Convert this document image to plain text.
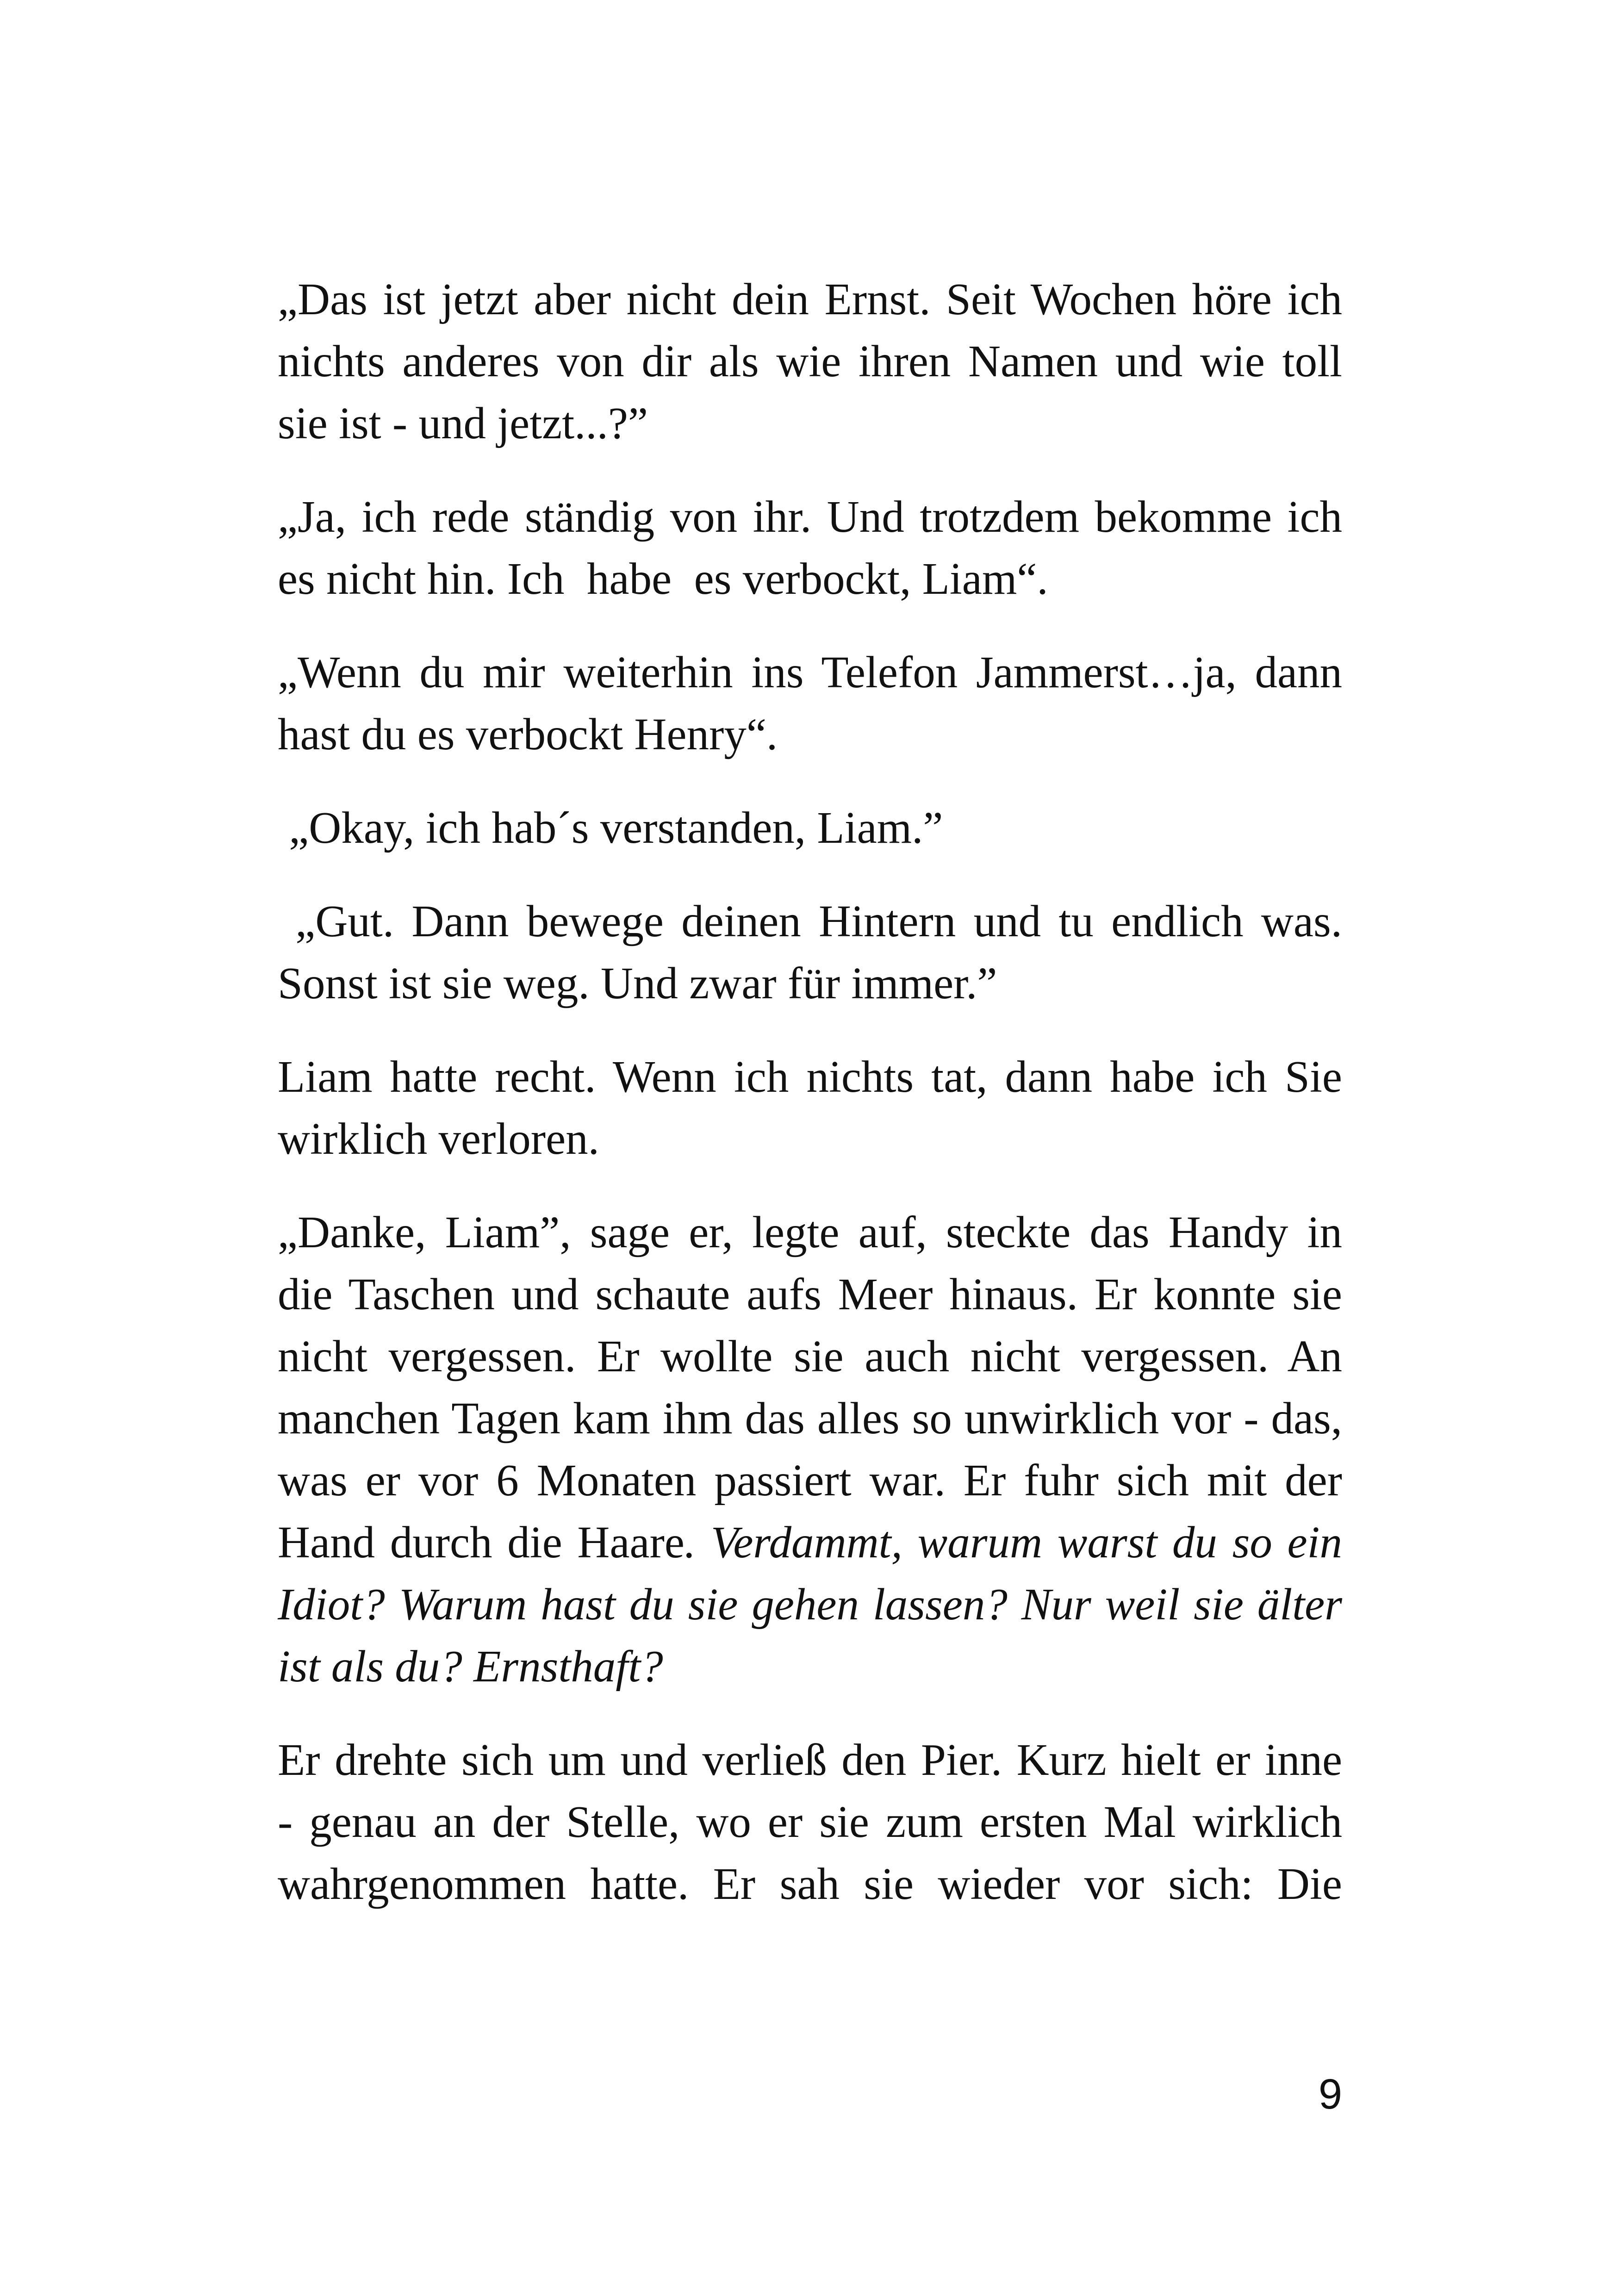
„Das ist jetzt aber nicht dein Ernst. Seit Wochen höre ich
nichts anderes von dir als wie ihren Namen und wie toll
sie ist - und jetzt...?”

„Ja, ich rede ständig von ihr. Und trotzdem bekomme ich
es nicht hin. Ich  habe  es verbockt, Liam“.

„Wenn du mir weiterhin ins Telefon Jammerst…ja, dann
hast du es verbockt Henry“.

„Okay, ich hab´s verstanden, Liam.”

„Gut. Dann bewege deinen Hintern und tu endlich was.
Sonst ist sie weg. Und zwar für immer.”

Liam hatte recht. Wenn ich nichts tat, dann habe ich Sie
wirklich verloren.

„Danke, Liam”, sage er, legte auf, steckte das Handy in
die Taschen und schaute aufs Meer hinaus. Er konnte sie
nicht vergessen. Er wollte sie auch nicht vergessen. An
manchen Tagen kam ihm das alles so unwirklich vor - das,
was er vor 6 Monaten passiert war. Er fuhr sich mit der
Hand durch die Haare. Verdammt, warum warst du so ein
Idiot? Warum hast du sie gehen lassen? Nur weil sie älter
ist als du? Ernsthaft?

Er drehte sich um und verließ den Pier. Kurz hielt er inne
- genau an der Stelle, wo er sie zum ersten Mal wirklich
wahrgenommen hatte. Er sah sie wieder vor sich: Die

9
